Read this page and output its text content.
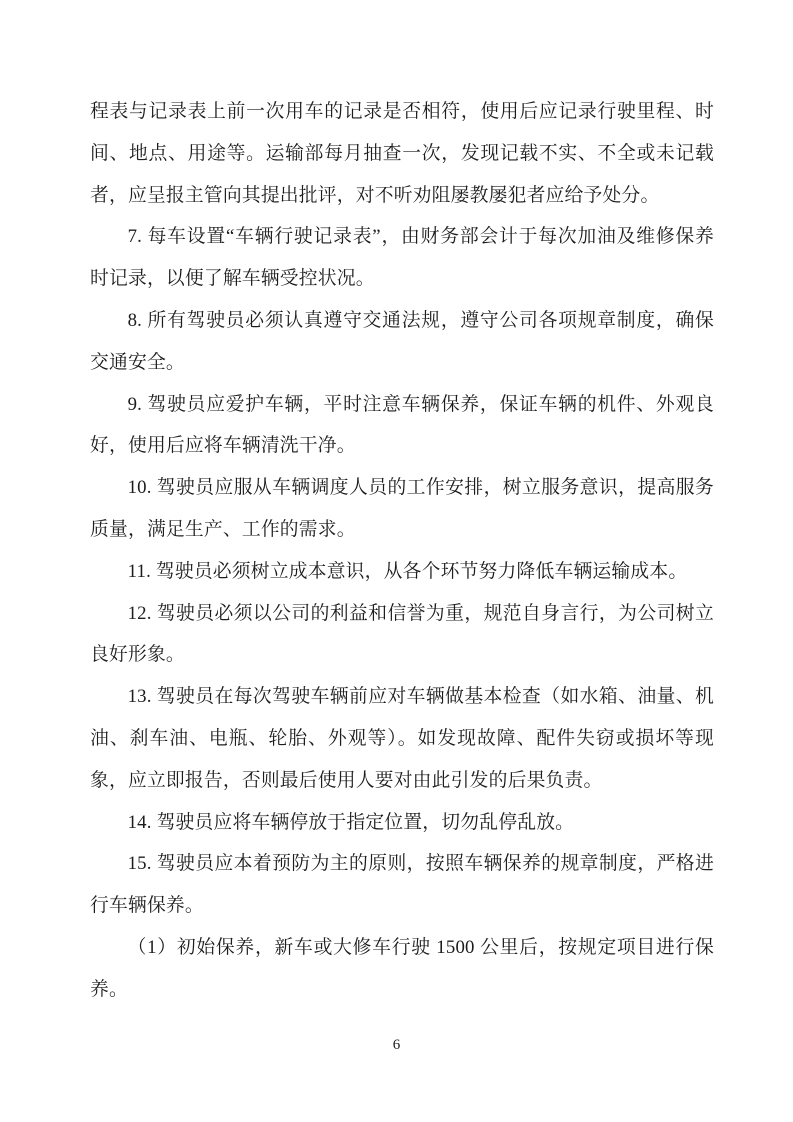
程表与记录表上前一次用车的记录是否相符，使用后应记录行驶里程、时间、地点、用途等。运输部每月抽查一次，发现记载不实、不全或未记载者，应呈报主管向其提出批评，对不听劝阻屡教屡犯者应给予处分。

7. 每车设置“车辆行驶记录表”，由财务部会计于每次加油及维修保养时记录，以便了解车辆受控状况。

8. 所有驾驶员必须认真遵守交通法规，遵守公司各项规章制度，确保交通安全。

9. 驾驶员应爱护车辆，平时注意车辆保养，保证车辆的机件、外观良好，使用后应将车辆清洗干净。

10. 驾驶员应服从车辆调度人员的工作安排，树立服务意识，提高服务质量，满足生产、工作的需求。

11. 驾驶员必须树立成本意识，从各个环节努力降低车辆运输成本。

12. 驾驶员必须以公司的利益和信誉为重，规范自身言行，为公司树立良好形象。

13. 驾驶员在每次驾驶车辆前应对车辆做基本检查（如水箱、油量、机油、刹车油、电瓶、轮胎、外观等）。如发现故障、配件失窃或损坏等现象，应立即报告，否则最后使用人要对由此引发的后果负责。

14. 驾驶员应将车辆停放于指定位置，切勿乱停乱放。

15. 驾驶员应本着预防为主的原则，按照车辆保养的规章制度，严格进行车辆保养。

（1）初始保养，新车或大修车行驶 1500 公里后，按规定项目进行保养。

6
